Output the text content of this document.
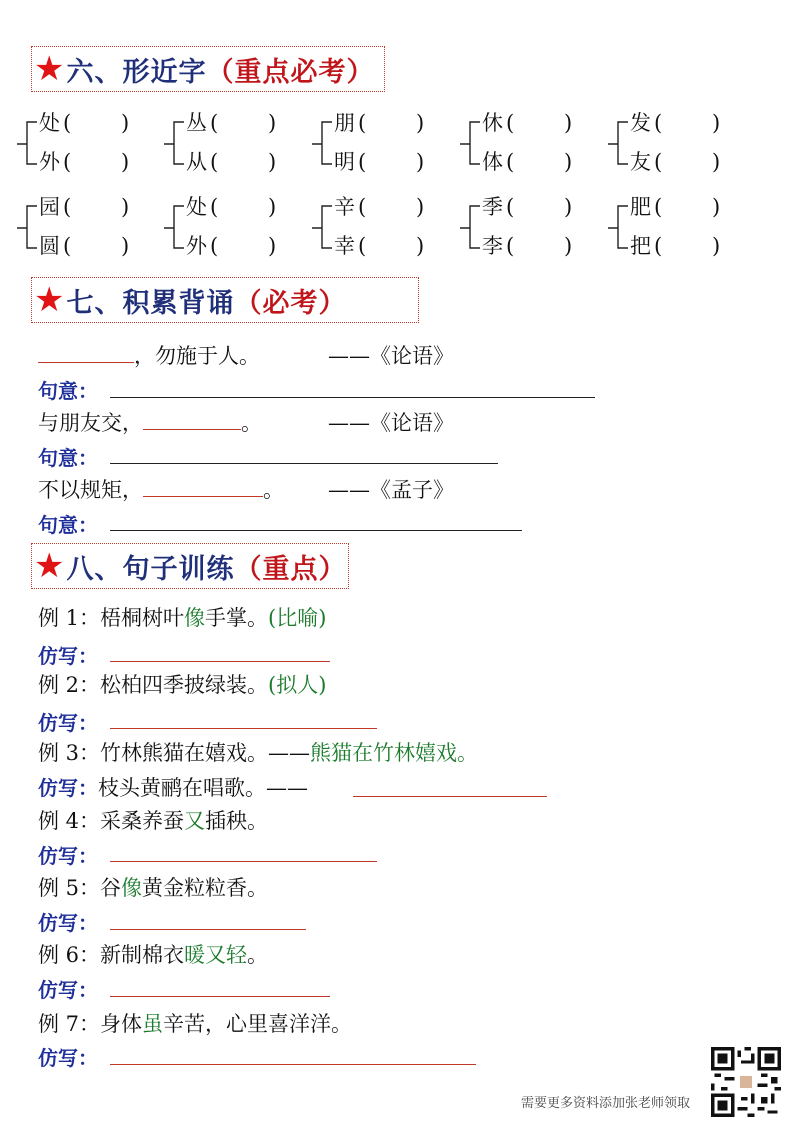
★ 六、形近字 （重点必考）
处 ( )
外 ( )
丛 ( )
从 ( )
朋 ( )
明 ( )
休 ( )
体 ( )
发 ( )
友 ( )
园 ( )
圆 ( )
处 ( )
外 ( )
辛 ( )
幸 ( )
季 ( )
李 ( )
肥 ( )
把 ( )
★ 七、积累背诵 （必考）
，勿施于人。	——《论语》
句意：
与朋友交，	。	——《论语》
句意：
不以规矩，	。 ——《孟子》
句意：
★ 八、句子训练 （重点）
例 1：梧桐树叶像手掌。(比喻)
仿写：
例 2：松柏四季披绿装。(拟人)
仿写：
例 3：竹林熊猫在嬉戏。——熊猫在竹林嬉戏。
仿写：枝头黄鹂在唱歌。——
例 4：采桑养蚕又插秧。
仿写：
例 5：谷像黄金粒粒香。
仿写：
例 6：新制棉衣暖又轻。
仿写：
例 7：身体虽辛苦，心里喜洋洋。
仿写：
需要更多资料添加张老师领取
